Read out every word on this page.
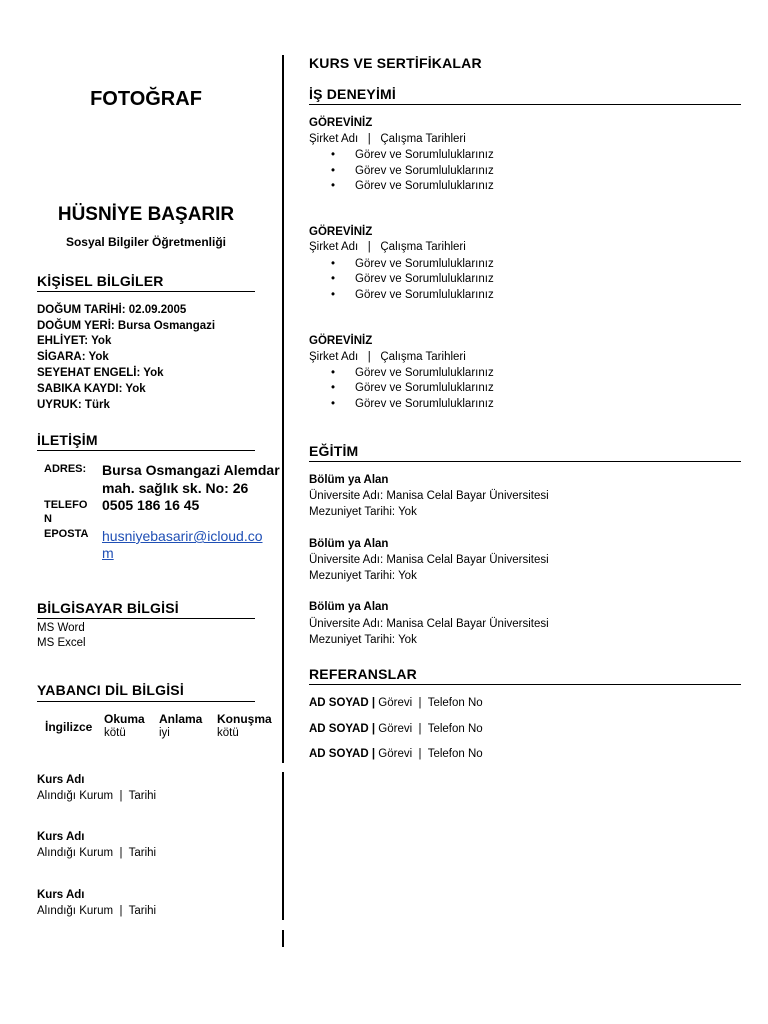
FOTOĞRAF
HÜSNİYE BAŞARIR
Sosyal Bilgiler Öğretmenliği
KİŞİSEL BİLGİLER
DOĞUM TARİHİ: 02.09.2005
DOĞUM YERİ: Bursa Osmangazi
EHLİYET: Yok
SİGARA: Yok
SEYEHAT ENGELİ: Yok
SABIKA KAYDI: Yok
UYRUK: Türk
İLETİŞİM
ADRES: Bursa Osmangazi Alemdar
mah. sağlık sk. No: 26
TELEFO
N
0505 186 16 45
EPOSTA husniyebasarir@icloud.co
m
BİLGİSAYAR BİLGİSİ
MS Word
MS Excel
YABANCI DİL BİLGİSİ
İngilizce
Okuma
kötü
Anlama
iyi
Konuşma
kötü
Kurs Adı
Alındığı Kurum  |  Tarihi
Kurs Adı
Alındığı Kurum  |  Tarihi
Kurs Adı
Alındığı Kurum  |  Tarihi
KURS VE SERTİFİKALAR
İŞ DENEYİMİ
GÖREVİNİZ
Şirket Adı   |   Çalışma Tarihleri
• Görev ve Sorumluluklarınız
• Görev ve Sorumluluklarınız
• Görev ve Sorumluluklarınız
GÖREVİNİZ
Şirket Adı   |   Çalışma Tarihleri
• Görev ve Sorumluluklarınız
• Görev ve Sorumluluklarınız
• Görev ve Sorumluluklarınız
GÖREVİNİZ
Şirket Adı   |   Çalışma Tarihleri
• Görev ve Sorumluluklarınız
• Görev ve Sorumluluklarınız
• Görev ve Sorumluluklarınız
EĞİTİM
Bölüm ya Alan
Üniversite Adı: Manisa Celal Bayar Üniversitesi
Mezuniyet Tarihi: Yok
Bölüm ya Alan
Üniversite Adı: Manisa Celal Bayar Üniversitesi
Mezuniyet Tarihi: Yok
Bölüm ya Alan
Üniversite Adı: Manisa Celal Bayar Üniversitesi
Mezuniyet Tarihi: Yok
REFERANSLAR
AD SOYAD | Görevi  |  Telefon No
AD SOYAD | Görevi  |  Telefon No
AD SOYAD | Görevi  |  Telefon No
